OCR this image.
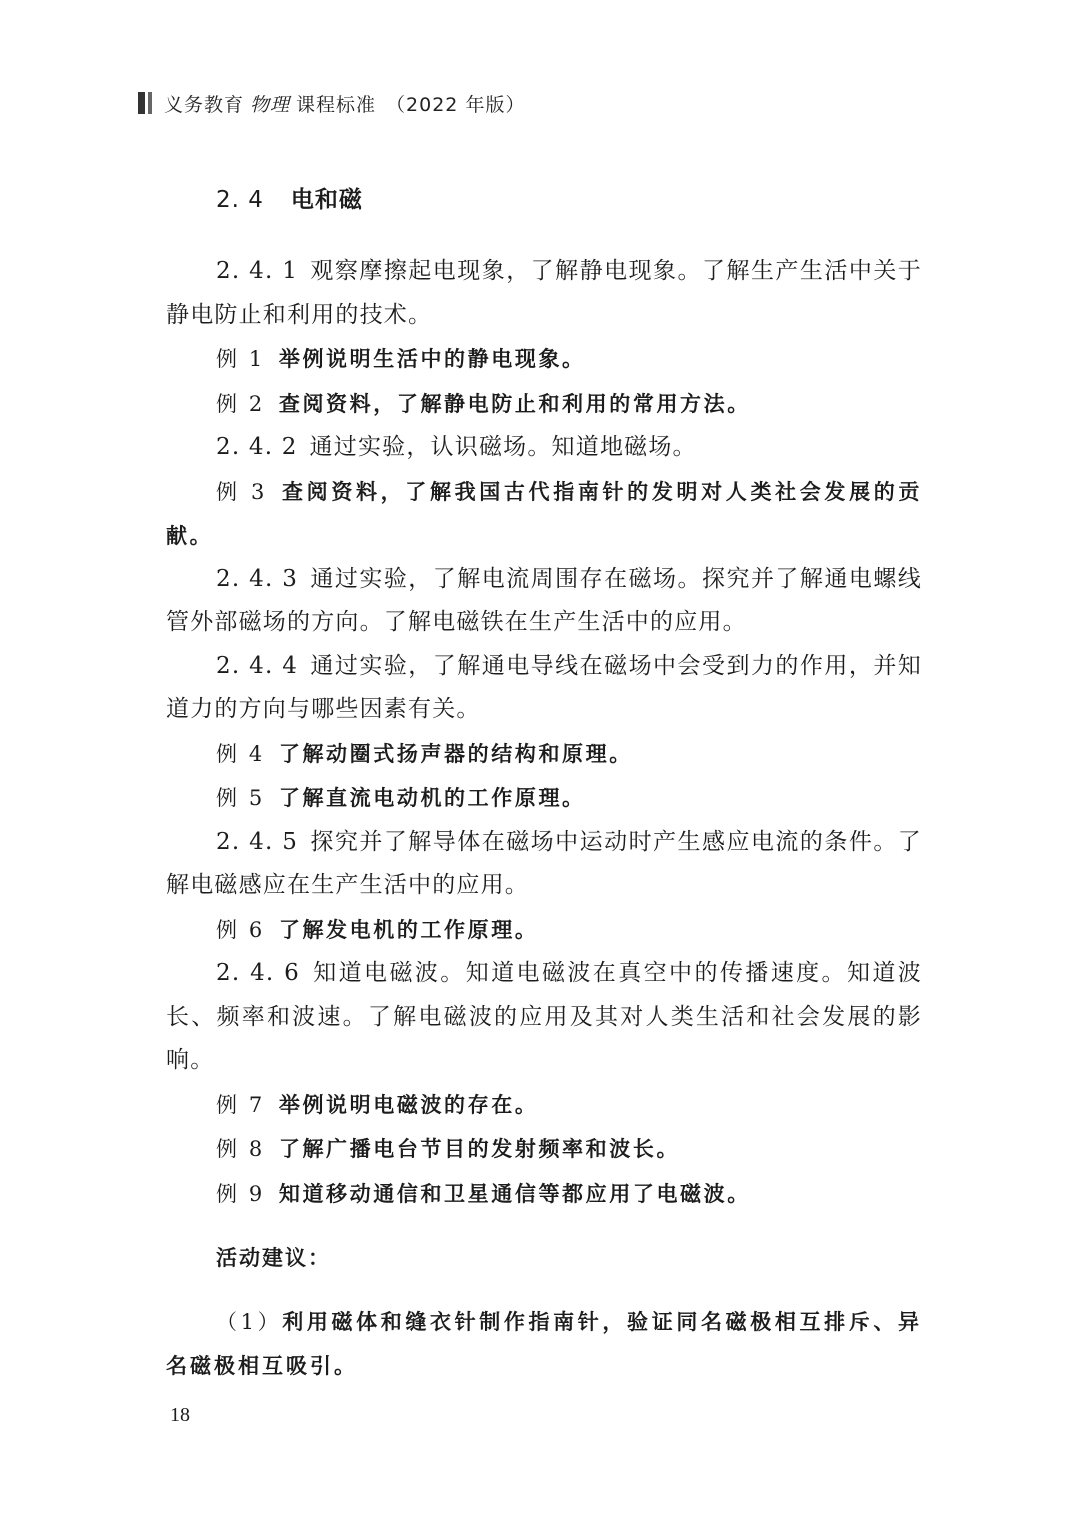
义务教育 物理 课程标准 （2022 年版）
2. 4 电和磁

2. 4. 1 观察摩擦起电现象，了解静电现象。了解生产生活中关于静电防止和利用的技术。

例 1 举例说明生活中的静电现象。

例 2 查阅资料，了解静电防止和利用的常用方法。

2. 4. 2 通过实验，认识磁场。知道地磁场。

例 3 查阅资料，了解我国古代指南针的发明对人类社会发展的贡献。

2. 4. 3 通过实验，了解电流周围存在磁场。探究并了解通电螺线管外部磁场的方向。了解电磁铁在生产生活中的应用。

2. 4. 4 通过实验，了解通电导线在磁场中会受到力的作用，并知道力的方向与哪些因素有关。

例 4 了解动圈式扬声器的结构和原理。

例 5 了解直流电动机的工作原理。

2. 4. 5 探究并了解导体在磁场中运动时产生感应电流的条件。了解电磁感应在生产生活中的应用。

例 6 了解发电机的工作原理。

2. 4. 6 知道电磁波。知道电磁波在真空中的传播速度。知道波长、频率和波速。了解电磁波的应用及其对人类生活和社会发展的影响。

例 7 举例说明电磁波的存在。

例 8 了解广播电台节目的发射频率和波长。

例 9 知道移动通信和卫星通信等都应用了电磁波。

活动建议：

（1）利用磁体和缝衣针制作指南针，验证同名磁极相互排斥、异名磁极相互吸引。

18
